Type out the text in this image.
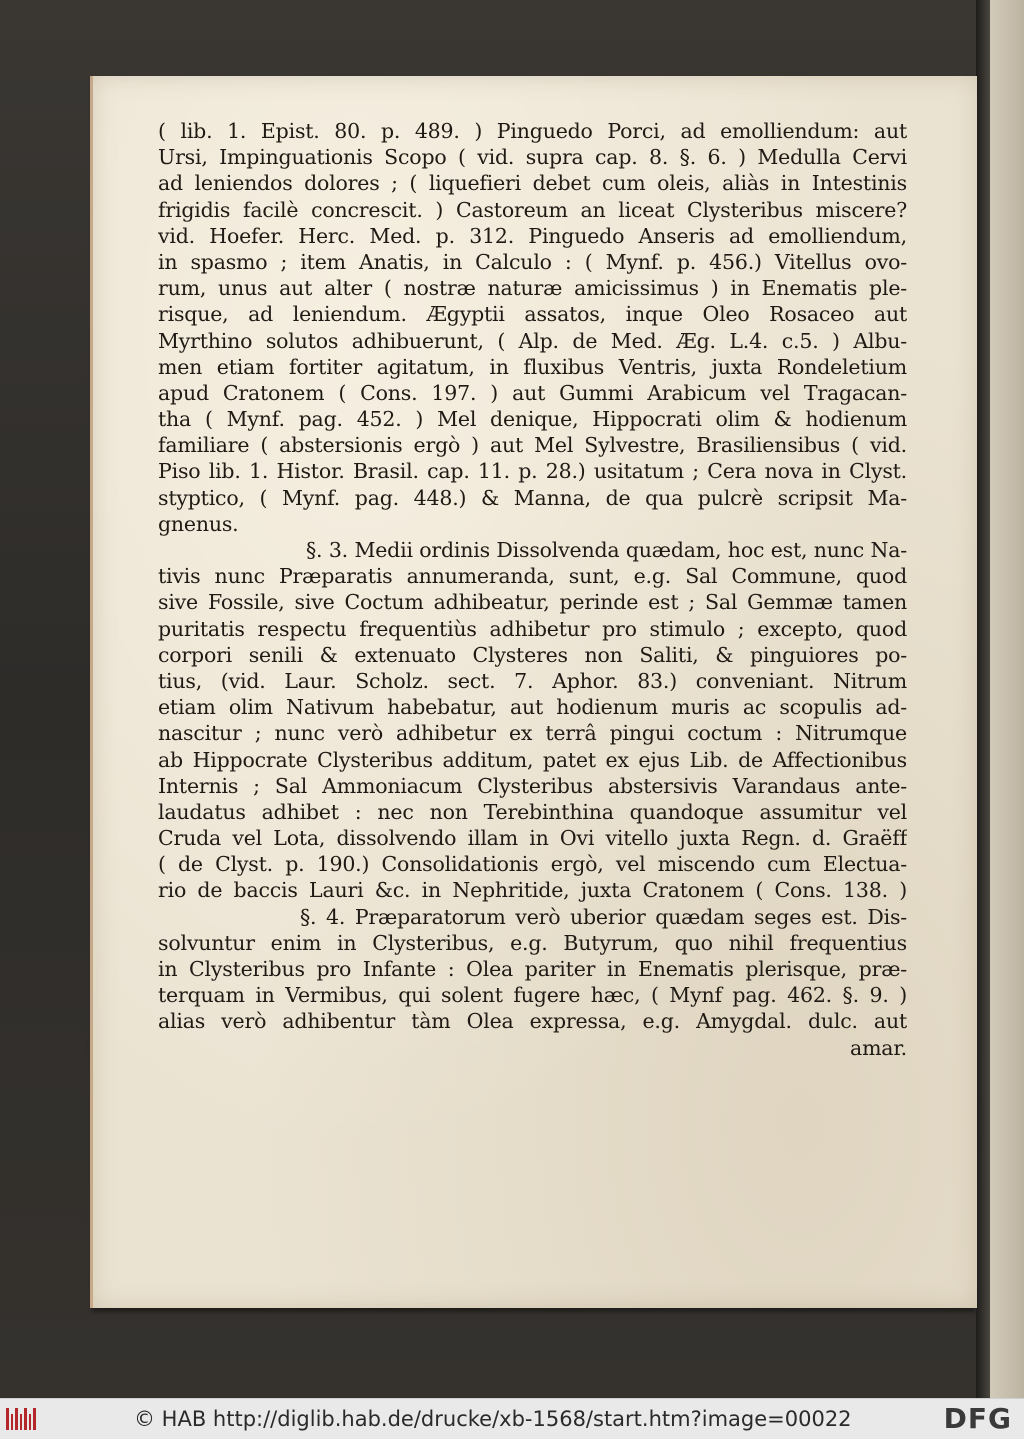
( lib. 1. Epist. 80. p. 489. ) Pinguedo Porci, ad emolliendum: aut
Ursi, Impinguationis Scopo ( vid. supra cap. 8. §. 6. ) Medulla Cervi
ad leniendos dolores ; ( liquefieri debet cum oleis, aliàs in Intestinis
frigidis facilè concrescit. ) Castoreum an liceat Clysteribus miscere?
vid. Hoefer. Herc. Med. p. 312. Pinguedo Anseris ad emolliendum,
in spasmo ; item Anatis, in Calculo : ( Mynf. p. 456.) Vitellus ovo-
rum, unus aut alter ( nostræ naturæ amicissimus ) in Enematis ple-
risque, ad leniendum. Ægyptii assatos, inque Oleo Rosaceo aut
Myrthino solutos adhibuerunt, ( Alp. de Med. Æg. L.4. c.5. ) Albu-
men etiam fortiter agitatum, in fluxibus Ventris, juxta Rondeletium
apud Cratonem ( Cons. 197. ) aut Gummi Arabicum vel Tragacan-
tha ( Mynf. pag. 452. ) Mel denique, Hippocrati olim & hodienum
familiare ( abstersionis ergò ) aut Mel Sylvestre, Brasiliensibus ( vid.
Piso lib. 1. Histor. Brasil. cap. 11. p. 28.) usitatum ; Cera nova in Clyst.
styptico, ( Mynf. pag. 448.) & Manna, de qua pulcrè scripsit Ma-
gnenus.
§. 3. Medii ordinis Dissolvenda quædam, hoc est, nunc Na-
tivis nunc Præparatis annumeranda, sunt, e.g. Sal Commune, quod
sive Fossile, sive Coctum adhibeatur, perinde est ; Sal Gemmæ tamen
puritatis respectu frequentiùs adhibetur pro stimulo ; excepto, quod
corpori senili & extenuato Clysteres non Saliti, & pinguiores po-
tius, (vid. Laur. Scholz. sect. 7. Aphor. 83.) conveniant. Nitrum
etiam olim Nativum habebatur, aut hodienum muris ac scopulis ad-
nascitur ; nunc verò adhibetur ex terrâ pingui coctum : Nitrumque
ab Hippocrate Clysteribus additum, patet ex ejus Lib. de Affectionibus
Internis ; Sal Ammoniacum Clysteribus abstersivis Varandaus ante-
laudatus adhibet : nec non Terebinthina quandoque assumitur vel
Cruda vel Lota, dissolvendo illam in Ovi vitello juxta Regn. d. Graëff
( de Clyst. p. 190.) Consolidationis ergò, vel miscendo cum Electua-
rio de baccis Lauri &c. in Nephritide, juxta Cratonem ( Cons. 138. )
§. 4. Præparatorum verò uberior quædam seges est. Dis-
solvuntur enim in Clysteribus, e.g. Butyrum, quo nihil frequentius
in Clysteribus pro Infante : Olea pariter in Enematis plerisque, præ-
terquam in Vermibus, qui solent fugere hæc, ( Mynf pag. 462. §. 9. )
alias verò adhibentur tàm Olea expressa, e.g. Amygdal. dulc. aut
amar.
© HAB http://diglib.hab.de/drucke/xb-1568/start.htm?image=00022	DFG
